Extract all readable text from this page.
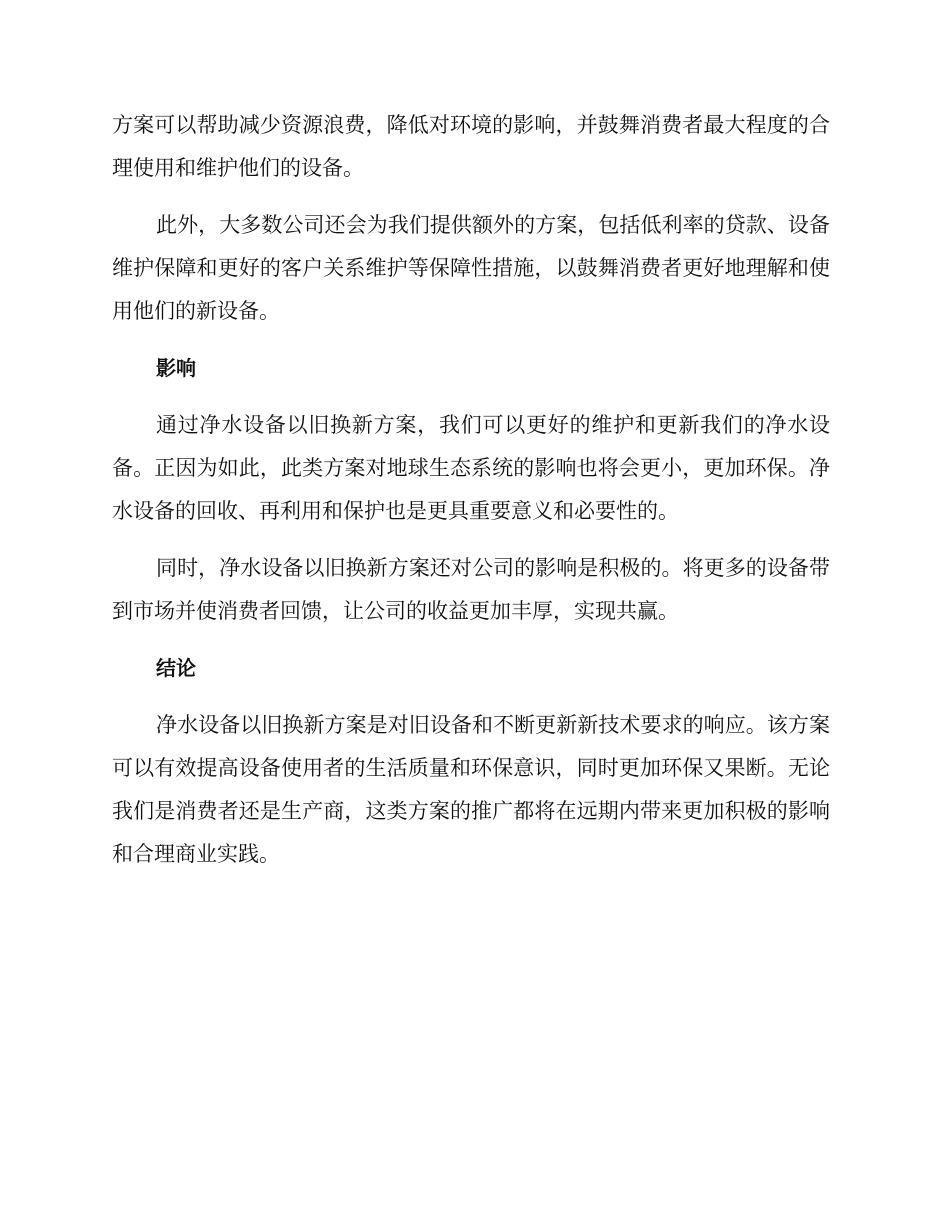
方案可以帮助减少资源浪费，降低对环境的影响，并鼓舞消费者最大程度的合理使用和维护他们的设备。

此外，大多数公司还会为我们提供额外的方案，包括低利率的贷款、设备维护保障和更好的客户关系维护等保障性措施，以鼓舞消费者更好地理解和使用他们的新设备。

影响

通过净水设备以旧换新方案，我们可以更好的维护和更新我们的净水设备。正因为如此，此类方案对地球生态系统的影响也将会更小，更加环保。净水设备的回收、再利用和保护也是更具重要意义和必要性的。

同时，净水设备以旧换新方案还对公司的影响是积极的。将更多的设备带到市场并使消费者回馈，让公司的收益更加丰厚，实现共赢。

结论

净水设备以旧换新方案是对旧设备和不断更新新技术要求的响应。该方案可以有效提高设备使用者的生活质量和环保意识，同时更加环保又果断。无论我们是消费者还是生产商，这类方案的推广都将在远期内带来更加积极的影响和合理商业实践。
